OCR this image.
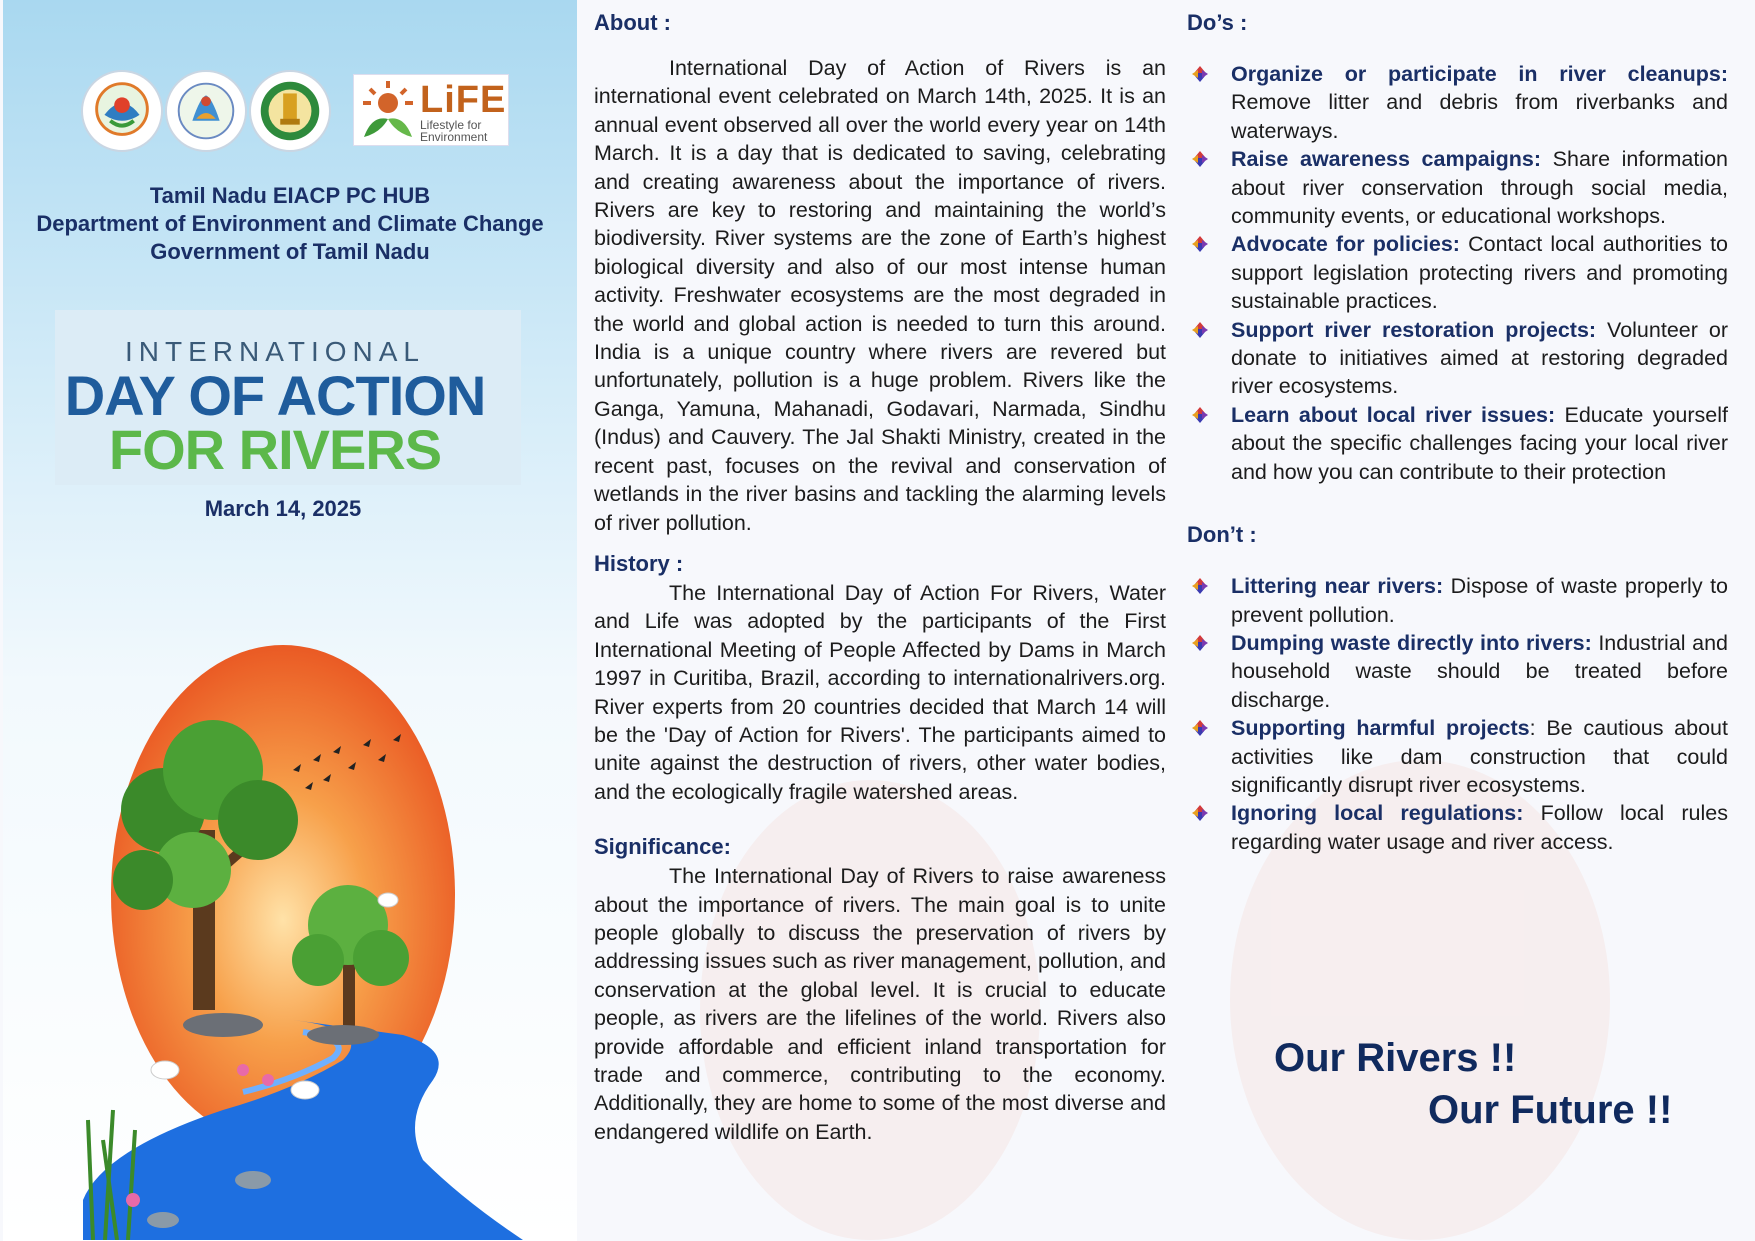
LiFE
Lifestyle for Environment
Tamil Nadu EIACP PC HUB
Department of Environment and Climate Change
Government of Tamil Nadu
INTERNATIONAL
DAY OF ACTION
FOR RIVERS
March 14, 2025
About :

International Day of Action of Rivers is an international event celebrated on March 14th, 2025. It is an annual event observed all over the world every year on 14th March. It is a day that is dedicated to saving, celebrating and creating awareness about the importance of rivers. Rivers are key to restoring and maintaining the world’s biodiversity. River systems are the zone of Earth’s highest biological diversity and also of our most intense human activity. Freshwater ecosystems are the most degraded in the world and global action is needed to turn this around. India is a unique country where rivers are revered but unfortunately, pollution is a huge problem. Rivers like the Ganga, Yamuna, Mahanadi, Godavari, Narmada, Sindhu (Indus) and Cauvery. The Jal Shakti Ministry, created in the recent past, focuses on the revival and conservation of wetlands in the river basins and tackling the alarming levels of river pollution.

History :

The International Day of Action For Rivers, Water and Life was adopted by the participants of the First International Meeting of People Affected by Dams in March 1997 in Curitiba, Brazil, according to internationalrivers.org. River experts from 20 countries decided that March 14 will be the 'Day of Action for Rivers'. The participants aimed to unite against the destruction of rivers, other water bodies, and the ecologically fragile watershed areas.

Significance:

The International Day of Rivers to raise awareness about the importance of rivers. The main goal is to unite people globally to discuss the preservation of rivers by addressing issues such as river management, pollution, and conservation at the global level. It is crucial to educate people, as rivers are the lifelines of the world. Rivers also provide affordable and efficient inland transportation for trade and commerce, contributing to the economy. Additionally, they are home to some of the most diverse and endangered wildlife on Earth.

Do’s :
Organize or participate in river cleanups: Remove litter and debris from riverbanks and waterways.
Raise awareness campaigns: Share information about river conservation through social media, community events, or educational workshops.
Advocate for policies: Contact local authorities to support legislation protecting rivers and promoting sustainable practices.
Support river restoration projects: Volunteer or donate to initiatives aimed at restoring degraded river ecosystems.
Learn about local river issues: Educate yourself about the specific challenges facing your local river and how you can contribute to their protection
Don’t :
Littering near rivers: Dispose of waste properly to prevent pollution.
Dumping waste directly into rivers: Industrial and household waste should be treated before discharge.
Supporting harmful projects: Be cautious about activities like dam construction that could significantly disrupt river ecosystems.
Ignoring local regulations: Follow local rules regarding water usage and river access.
Our Rivers !!
Our Future !!
